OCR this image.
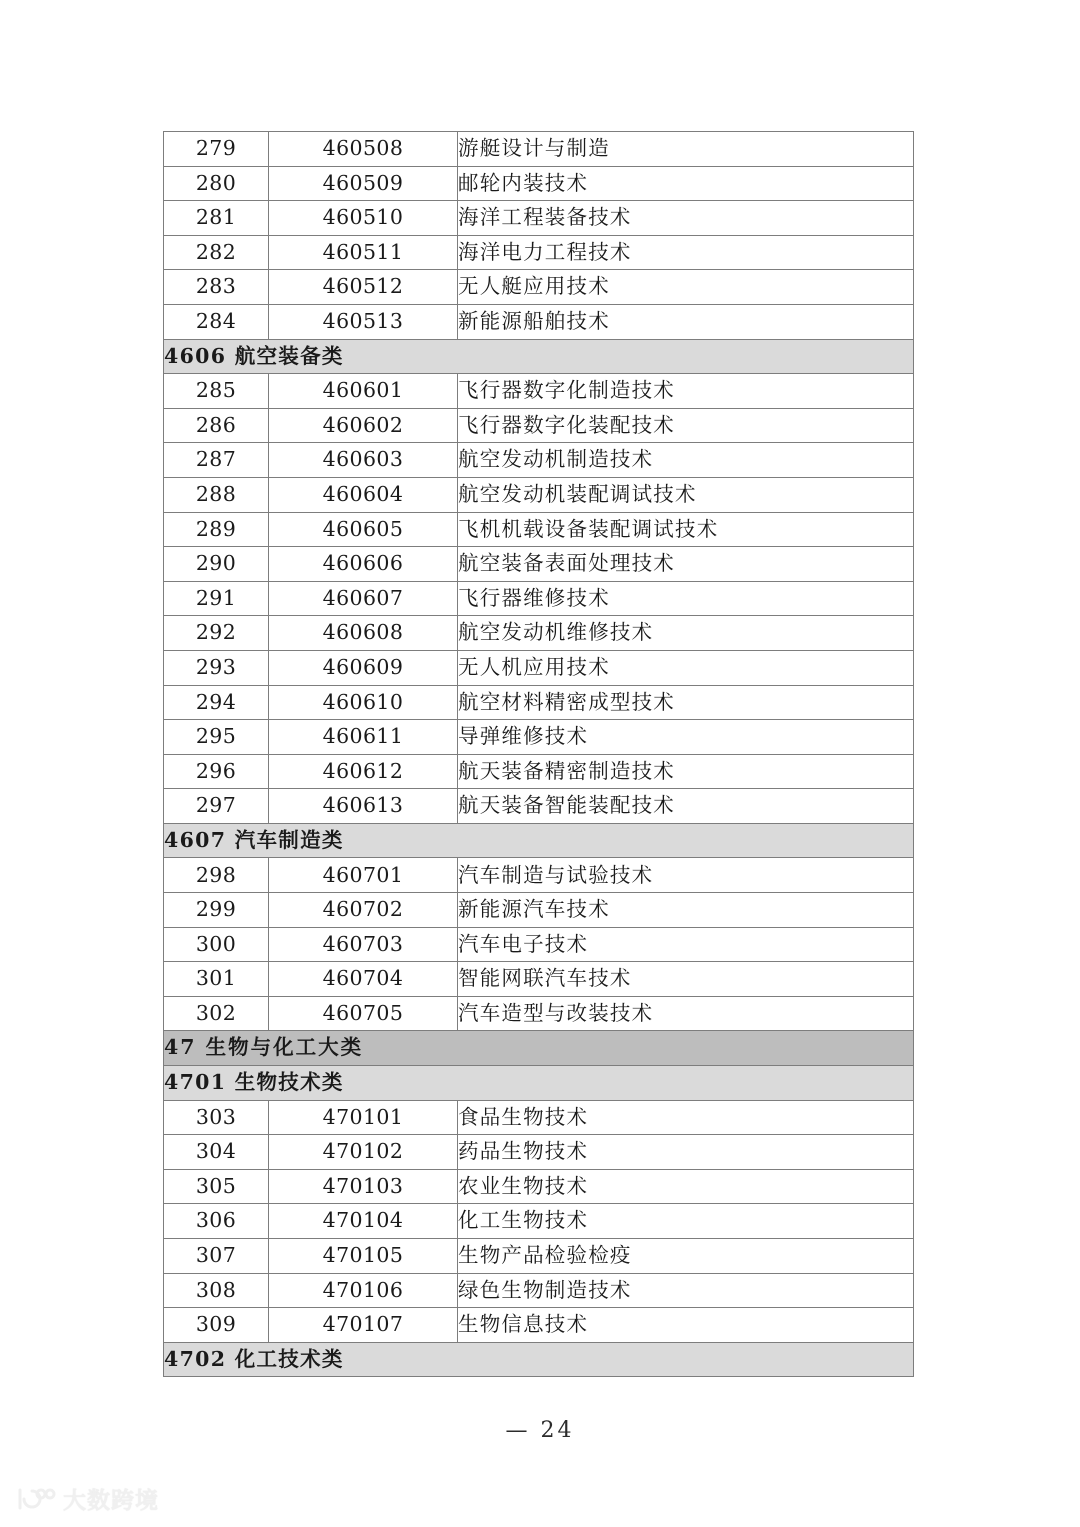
279	460508	游艇设计与制造
280	460509	邮轮内装技术
281	460510	海洋工程装备技术
282	460511	海洋电力工程技术
283	460512	无人艇应用技术
284	460513	新能源船舶技术
4606 航空装备类		
285	460601	飞行器数字化制造技术
286	460602	飞行器数字化装配技术
287	460603	航空发动机制造技术
288	460604	航空发动机装配调试技术
289	460605	飞机机载设备装配调试技术
290	460606	航空装备表面处理技术
291	460607	飞行器维修技术
292	460608	航空发动机维修技术
293	460609	无人机应用技术
294	460610	航空材料精密成型技术
295	460611	导弹维修技术
296	460612	航天装备精密制造技术
297	460613	航天装备智能装配技术
4607 汽车制造类		
298	460701	汽车制造与试验技术
299	460702	新能源汽车技术
300	460703	汽车电子技术
301	460704	智能网联汽车技术
302	460705	汽车造型与改装技术
47 生物与化工大类		
4701 生物技术类		
303	470101	食品生物技术
304	470102	药品生物技术
305	470103	农业生物技术
306	470104	化工生物技术
307	470105	生物产品检验检疫
308	470106	绿色生物制造技术
309	470107	生物信息技术
4702 化工技术类		
— 24
大数跨境
